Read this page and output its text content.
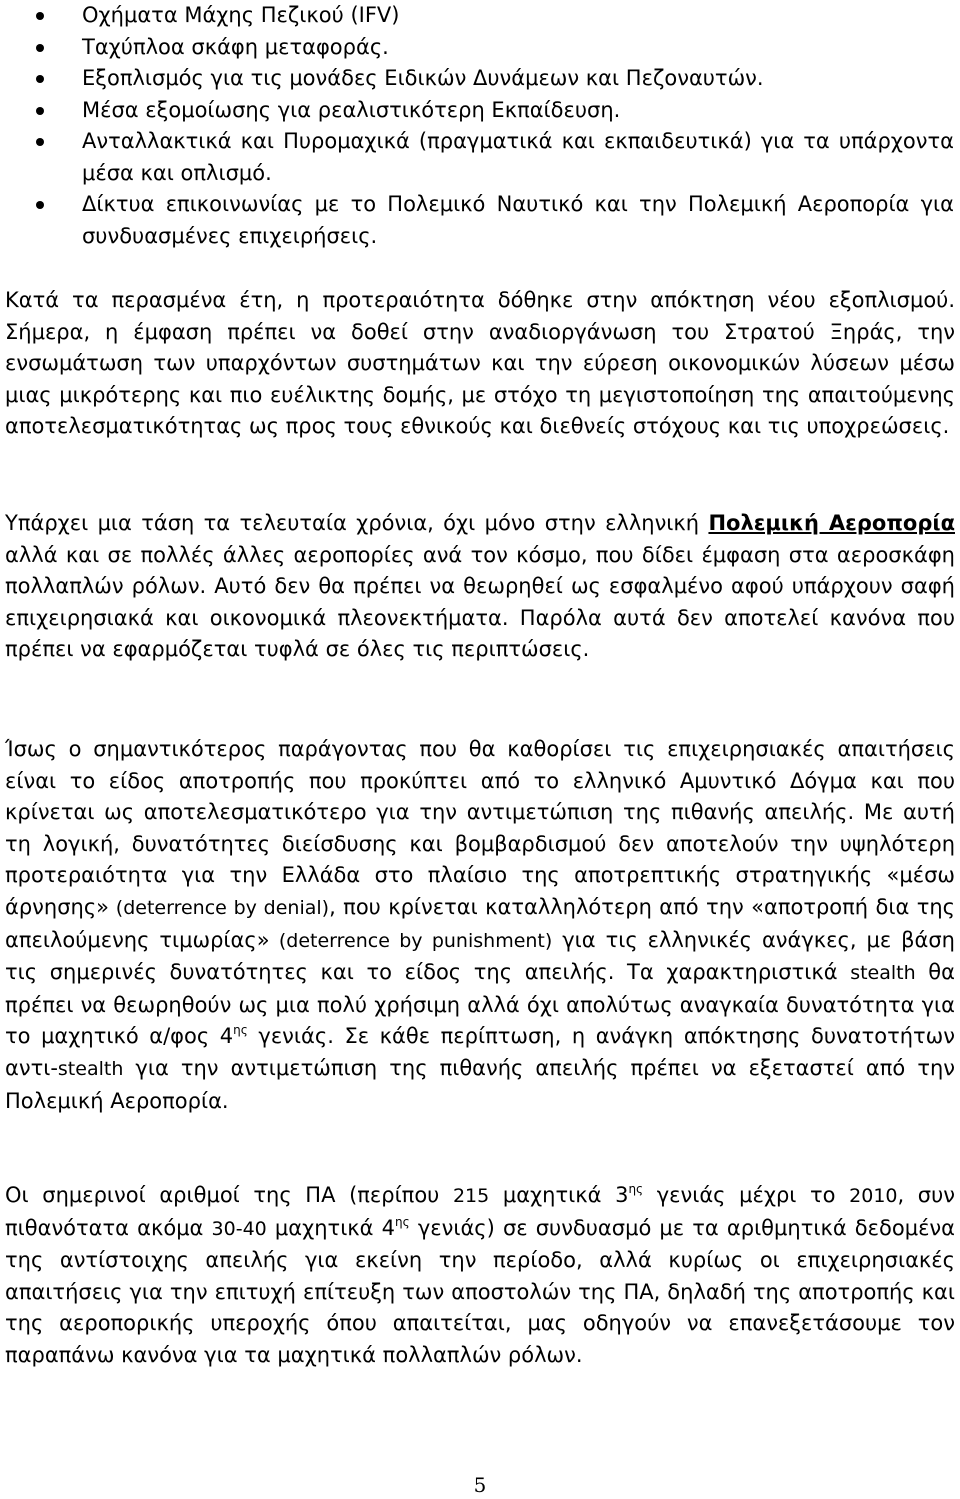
Οχήματα Μάχης Πεζικού (IFV)
Ταχύπλοα σκάφη μεταφοράς.
Εξοπλισμός για τις μονάδες Ειδικών Δυνάμεων και Πεζοναυτών.
Μέσα εξομοίωσης για ρεαλιστικότερη Εκπαίδευση.
Ανταλλακτικά και Πυρομαχικά (πραγματικά και εκπαιδευτικά) για τα υπάρχοντα μέσα και οπλισμό.
Δίκτυα επικοινωνίας με το Πολεμικό Ναυτικό και την Πολεμική Αεροπορία για συνδυασμένες επιχειρήσεις.

Κατά τα περασμένα έτη, η προτεραιότητα δόθηκε στην απόκτηση νέου εξοπλισμού. Σήμερα, η έμφαση πρέπει να δοθεί στην αναδιοργάνωση του Στρατού Ξηράς, την ενσωμάτωση των υπαρχόντων συστημάτων και την εύρεση οικονομικών λύσεων μέσω μιας μικρότερης και πιο ευέλικτης δομής, με στόχο τη μεγιστοποίηση της απαιτούμενης αποτελεσματικότητας ως προς τους εθνικούς και διεθνείς στόχους και τις υποχρεώσεις.

Υπάρχει μια τάση τα τελευταία χρόνια, όχι μόνο στην ελληνική Πολεμική Αεροπορία αλλά και σε πολλές άλλες αεροπορίες ανά τον κόσμο, που δίδει έμφαση στα αεροσκάφη πολλαπλών ρόλων. Αυτό δεν θα πρέπει να θεωρηθεί ως εσφαλμένο αφού υπάρχουν σαφή επιχειρησιακά και οικονομικά πλεονεκτήματα. Παρόλα αυτά δεν αποτελεί κανόνα που πρέπει να εφαρμόζεται τυφλά σε όλες τις περιπτώσεις.

Ίσως ο σημαντικότερος παράγοντας που θα καθορίσει τις επιχειρησιακές απαιτήσεις είναι το είδος αποτροπής που προκύπτει από το ελληνικό Αμυντικό Δόγμα και που κρίνεται ως αποτελεσματικότερο για την αντιμετώπιση της πιθανής απειλής. Με αυτή τη λογική, δυνατότητες διείσδυσης και βομβαρδισμού δεν αποτελούν την υψηλότερη προτεραιότητα για την Ελλάδα στο πλαίσιο της αποτρεπτικής στρατηγικής «μέσω άρνησης» (deterrence by denial), που κρίνεται καταλληλότερη από την «αποτροπή δια της απειλούμενης τιμωρίας» (deterrence by punishment) για τις ελληνικές ανάγκες, με βάση τις σημερινές δυνατότητες και το είδος της απειλής. Τα χαρακτηριστικά stealth θα πρέπει να θεωρηθούν ως μια πολύ χρήσιμη αλλά όχι απολύτως αναγκαία δυνατότητα για το μαχητικό α/φος $4^{\eta\varsigma}$ γενιάς. Σε κάθε περίπτωση, η ανάγκη απόκτησης δυνατοτήτων αντι-stealth για την αντιμετώπιση της πιθανής απειλής πρέπει να εξεταστεί από την Πολεμική Αεροπορία.

Οι σημερινοί αριθμοί της ΠΑ (περίπου 215 μαχητικά $3^{\eta\varsigma}$ γενιάς μέχρι το 2010, συν πιθανότατα ακόμα 30-40 μαχητικά $4^{\eta\varsigma}$ γενιάς) σε συνδυασμό με τα αριθμητικά δεδομένα της αντίστοιχης απειλής για εκείνη την περίοδο, αλλά κυρίως οι επιχειρησιακές απαιτήσεις για την επιτυχή επίτευξη των αποστολών της ΠΑ, δηλαδή της αποτροπής και της αεροπορικής υπεροχής όπου απαιτείται, μας οδηγούν να επανεξετάσουμε τον παραπάνω κανόνα για τα μαχητικά πολλαπλών ρόλων.

5
